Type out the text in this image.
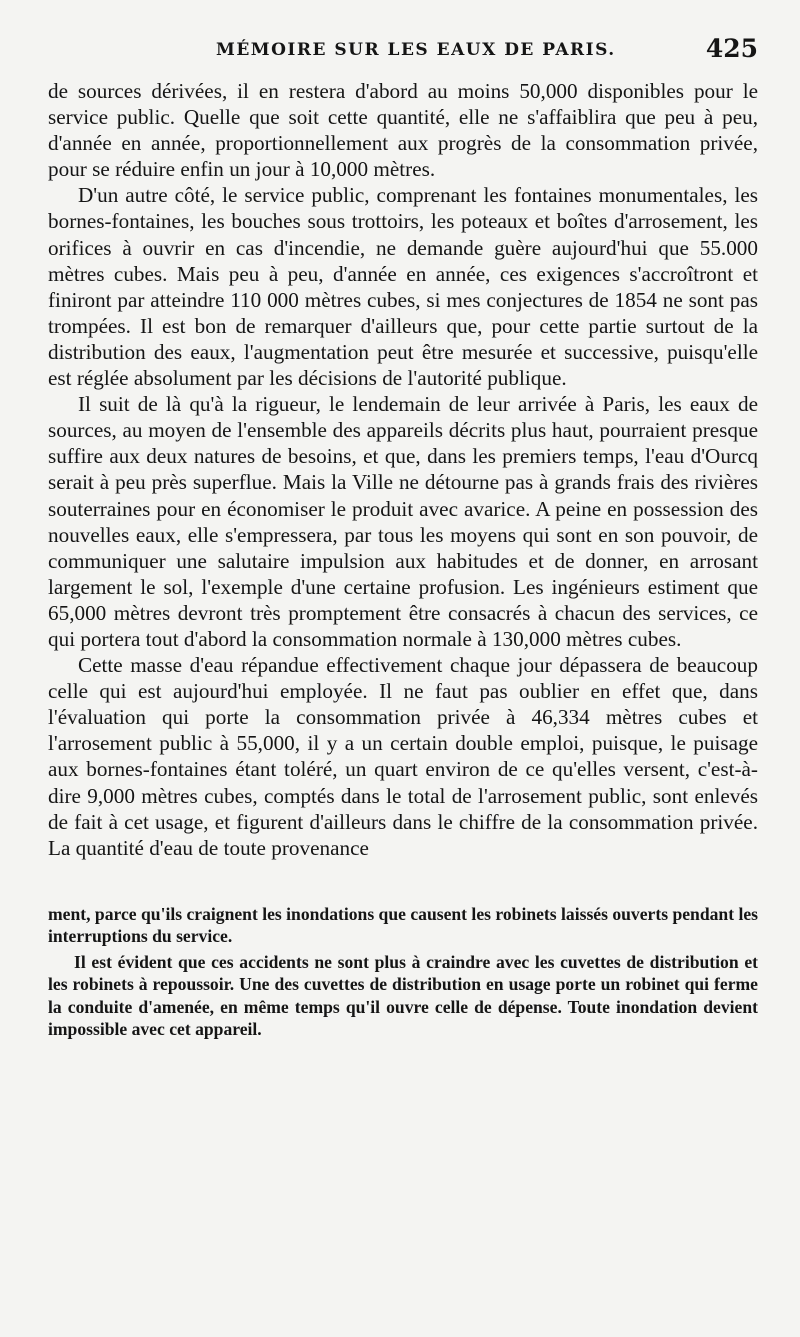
MÉMOIRE SUR LES EAUX DE PARIS.	425

de sources dérivées, il en restera d'abord au moins 50,000 disponibles pour le service public. Quelle que soit cette quantité, elle ne s'affaiblira que peu à peu, d'année en année, proportionnellement aux progrès de la consommation privée, pour se réduire enfin un jour à 10,000 mètres.

D'un autre côté, le service public, comprenant les fontaines monumentales, les bornes-fontaines, les bouches sous trottoirs, les poteaux et boîtes d'arrosement, les orifices à ouvrir en cas d'incendie, ne demande guère aujourd'hui que 55.000 mètres cubes. Mais peu à peu, d'année en année, ces exigences s'accroîtront et finiront par atteindre 110 000 mètres cubes, si mes conjectures de 1854 ne sont pas trompées. Il est bon de remarquer d'ailleurs que, pour cette partie surtout de la distribution des eaux, l'augmentation peut être mesurée et successive, puisqu'elle est réglée absolument par les décisions de l'autorité publique.

Il suit de là qu'à la rigueur, le lendemain de leur arrivée à Paris, les eaux de sources, au moyen de l'ensemble des appareils décrits plus haut, pourraient presque suffire aux deux natures de besoins, et que, dans les premiers temps, l'eau d'Ourcq serait à peu près superflue. Mais la Ville ne détourne pas à grands frais des rivières souterraines pour en économiser le produit avec avarice. A peine en possession des nouvelles eaux, elle s'empressera, par tous les moyens qui sont en son pouvoir, de communiquer une salutaire impulsion aux habitudes et de donner, en arrosant largement le sol, l'exemple d'une certaine profusion. Les ingénieurs estiment que 65,000 mètres devront très promptement être consacrés à chacun des services, ce qui portera tout d'abord la consommation normale à 130,000 mètres cubes.

Cette masse d'eau répandue effectivement chaque jour dépassera de beaucoup celle qui est aujourd'hui employée. Il ne faut pas oublier en effet que, dans l'évaluation qui porte la consommation privée à 46,334 mètres cubes et l'arrosement public à 55,000, il y a un certain double emploi, puisque, le puisage aux bornes-fontaines étant toléré, un quart environ de ce qu'elles versent, c'est-à-dire 9,000 mètres cubes, comptés dans le total de l'arrosement public, sont enlevés de fait à cet usage, et figurent d'ailleurs dans le chiffre de la consommation privée. La quantité d'eau de toute provenance

ment, parce qu'ils craignent les inondations que causent les robinets laissés ouverts pendant les interruptions du service.

Il est évident que ces accidents ne sont plus à craindre avec les cuvettes de distribution et les robinets à repoussoir. Une des cuvettes de distribution en usage porte un robinet qui ferme la conduite d'amenée, en même temps qu'il ouvre celle de dépense. Toute inondation devient impossible avec cet appareil.
